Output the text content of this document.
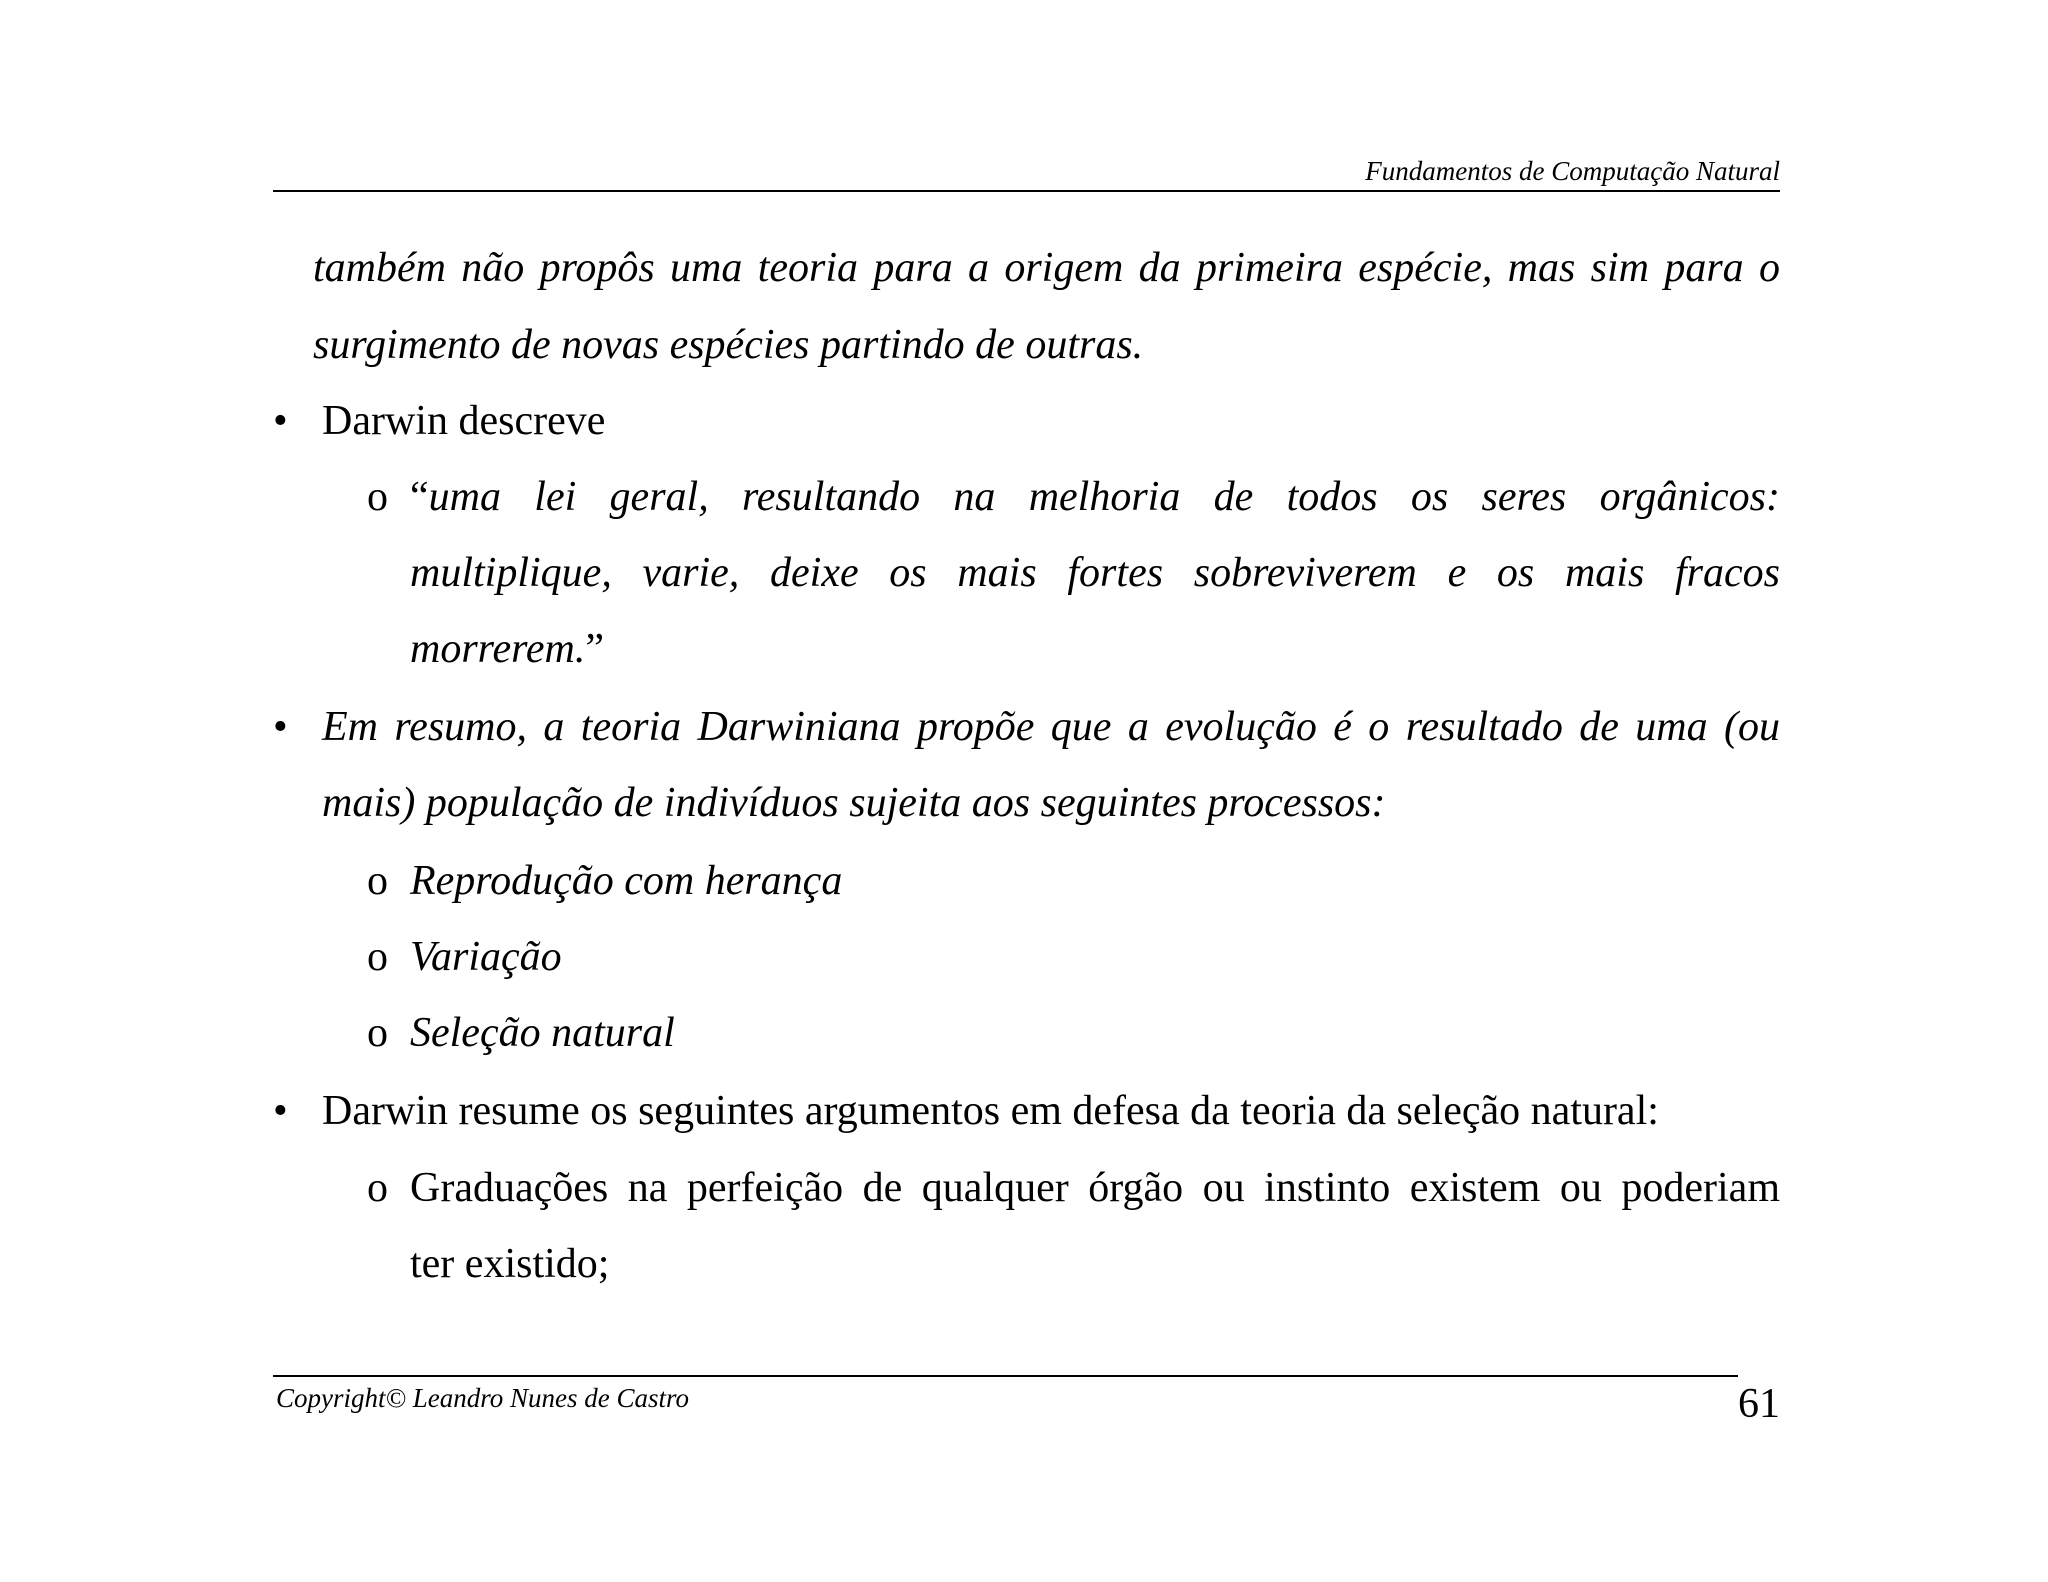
Fundamentos de Computação Natural
também não propôs uma teoria para a origem da primeira espécie, mas sim para o
surgimento de novas espécies partindo de outras.
• Darwin descreve
o “uma lei geral, resultando na melhoria de todos os seres orgânicos:
multiplique, varie, deixe os mais fortes sobreviverem e os mais fracos
morrerem.”
• Em resumo, a teoria Darwiniana propõe que a evolução é o resultado de uma (ou
mais) população de indivíduos sujeita aos seguintes processos:
o Reprodução com herança
o Variação
o Seleção natural
• Darwin resume os seguintes argumentos em defesa da teoria da seleção natural:
o Graduações na perfeição de qualquer órgão ou instinto existem ou poderiam
ter existido;
Copyright© Leandro Nunes de Castro	61
